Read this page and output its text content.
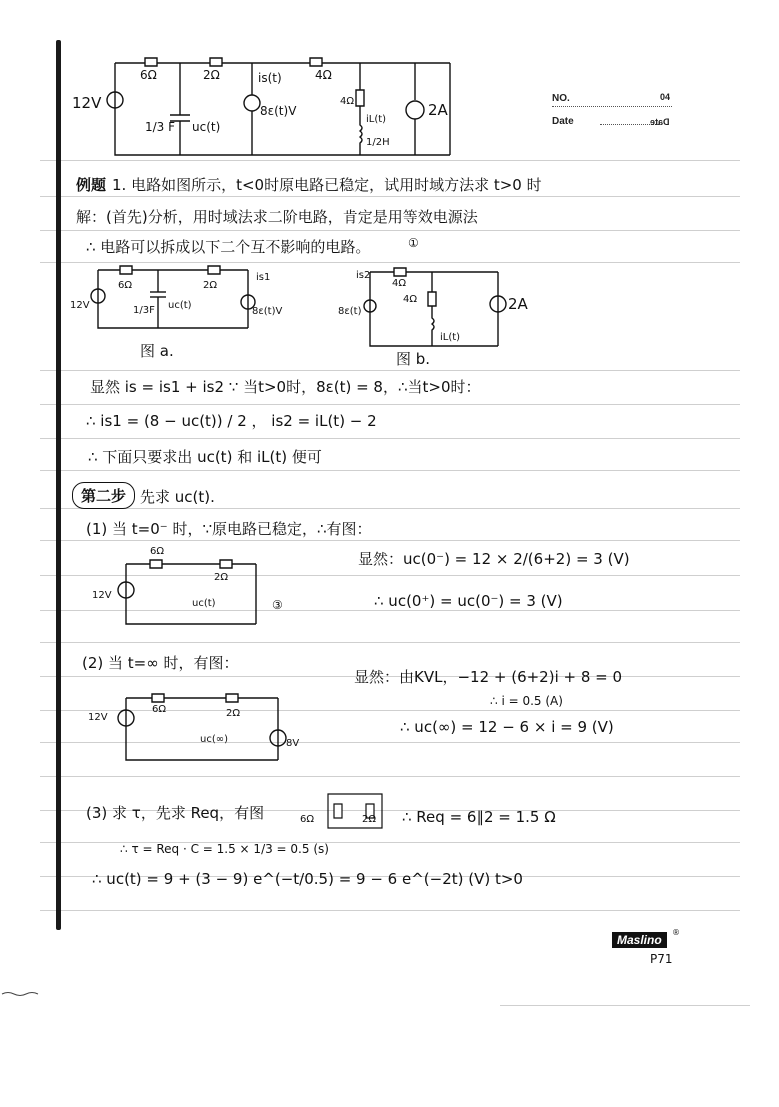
NO.	04
Date	Date
12V
6Ω	2Ω	is(t)	4Ω
4Ω
1/3 F uc(t)
8ε(t)V
iL(t)
1/2H
2A
例题 1. 电路如图所示，t<0时原电路已稳定，试用时域方法求 t>0 时
解：(首先)分析，用时域法求二阶电路，肯定是用等效电源法
∴ 电路可以拆成以下二个互不影响的电路。	①
6Ω	2Ω
is1
12V	1/3F uc(t)
8ε(t)V
图 a.
is2
4Ω
4Ω
8ε(t)
iL(t)
2A
图 b.
显然 is = is1 + is2 ∵ 当t>0时，8ε(t) = 8，∴当t>0时：
∴ is1 = (8 − uc(t)) / 2 ， is2 = iL(t) − 2
∴ 下面只要求出 uc(t) 和 iL(t) 便可
第二步 先求 uc(t).
(1) 当 t=0⁻ 时，∵原电路已稳定，∴有图：
6Ω
2Ω
12V
uc(t)	③
显然：uc(0⁻) = 12 × 2/(6+2) = 3 (V)
∴ uc(0⁺) = uc(0⁻) = 3 (V)
(2) 当 t=∞ 时，有图：
6Ω	2Ω
12V
uc(∞)	8V
显然：由KVL，−12 + (6+2)i + 8 = 0
∴ i = 0.5 (A)
∴ uc(∞) = 12 − 6 × i = 9 (V)
(3) 求 τ，先求 Req，有图	6Ω	2Ω ∴ Req = 6∥2 = 1.5 Ω
∴ τ = Req · C = 1.5 × 1/3 = 0.5 (s)
∴ uc(t) = 9 + (3 − 9) e^(−t/0.5) = 9 − 6 e^(−2t) (V) t>0
Maslino
®
P71
